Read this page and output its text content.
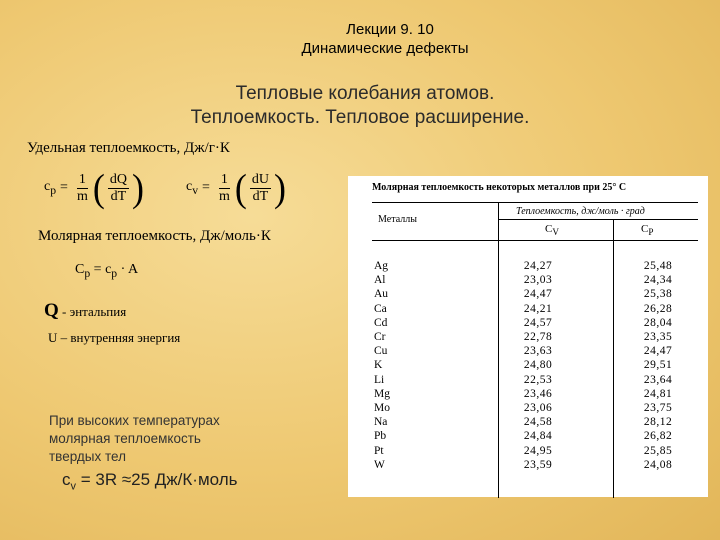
Лекции 9. 10
Динамические дефекты
Тепловые колебания атомов.
Теплоемкость. Тепловое расширение.
Удельная теплоемкость, Дж/г·К
$c_p = \frac{1}{m}$ ( $\frac{dQ}{dT}$ )	$c_v = \frac{1}{m}$ ( $\frac{dU}{dT}$ )
Молярная теплоемкость, Дж/моль·К
$C_p = c_p \cdot A$
Q - энтальпия
U – внутренняя энергия
При высоких температурах
молярная теплоемкость
твердых тел
$c_v = 3R \approx 25$ Дж/К·моль
Молярная теплоемкость некоторых металлов при 25° С
Металлы
Теплоемкость, дж/моль · град
$C_V$	$C_P$
Ag	24,27	25,48
Al	23,03	24,34
Au	24,47	25,38
Ca	24,21	26,28
Cd	24,57	28,04
Cr	22,78	23,35
Cu	23,63	24,47
K	24,80	29,51
Li	22,53	23,64
Mg	23,46	24,81
Mo	23,06	23,75
Na	24,58	28,12
Pb	24,84	26,82
Pt	24,95	25,85
W	23,59	24,08
